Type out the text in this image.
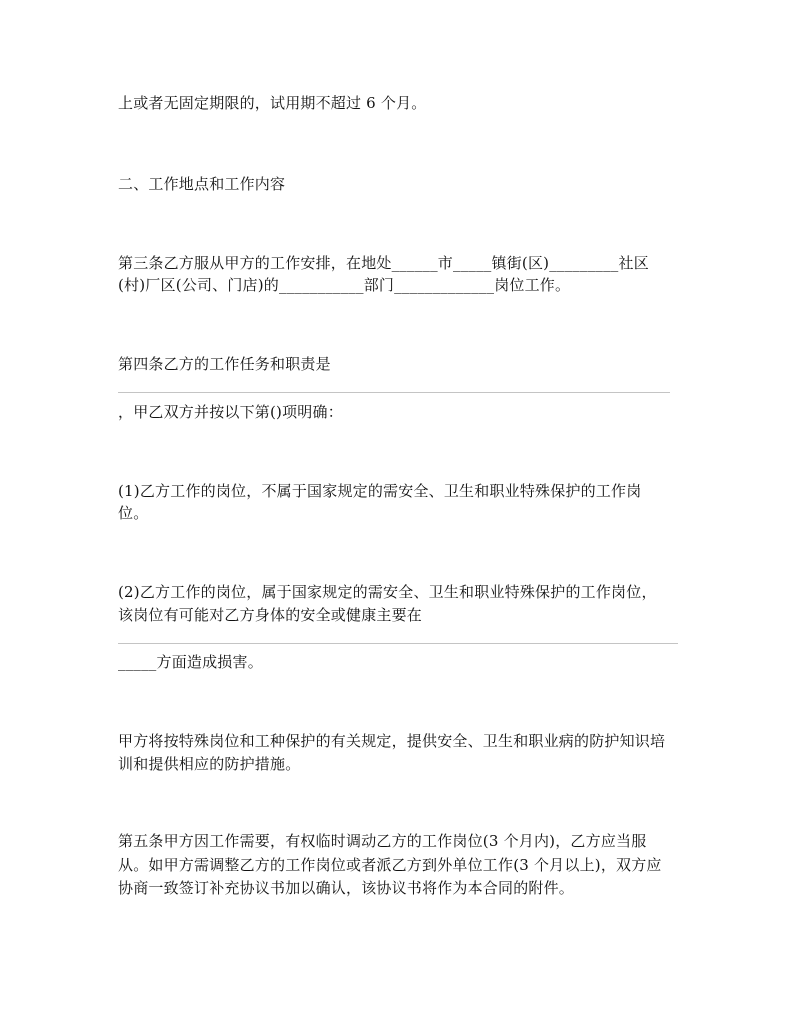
上或者无固定期限的，试用期不超过 6 个月。
二、工作地点和工作内容
第三条乙方服从甲方的工作安排，在地处______市_____镇街(区)_________社区
(村)厂区(公司、门店)的___________部门_____________岗位工作。
第四条乙方的工作任务和职责是
，甲乙双方并按以下第()项明确：
(1)乙方工作的岗位，不属于国家规定的需安全、卫生和职业特殊保护的工作岗
位。
(2)乙方工作的岗位，属于国家规定的需安全、卫生和职业特殊保护的工作岗位，
该岗位有可能对乙方身体的安全或健康主要在
_____方面造成损害。
甲方将按特殊岗位和工种保护的有关规定，提供安全、卫生和职业病的防护知识培
训和提供相应的防护措施。
第五条甲方因工作需要，有权临时调动乙方的工作岗位(3 个月内)，乙方应当服
从。如甲方需调整乙方的工作岗位或者派乙方到外单位工作(3 个月以上)，双方应
协商一致签订补充协议书加以确认，该协议书将作为本合同的附件。
